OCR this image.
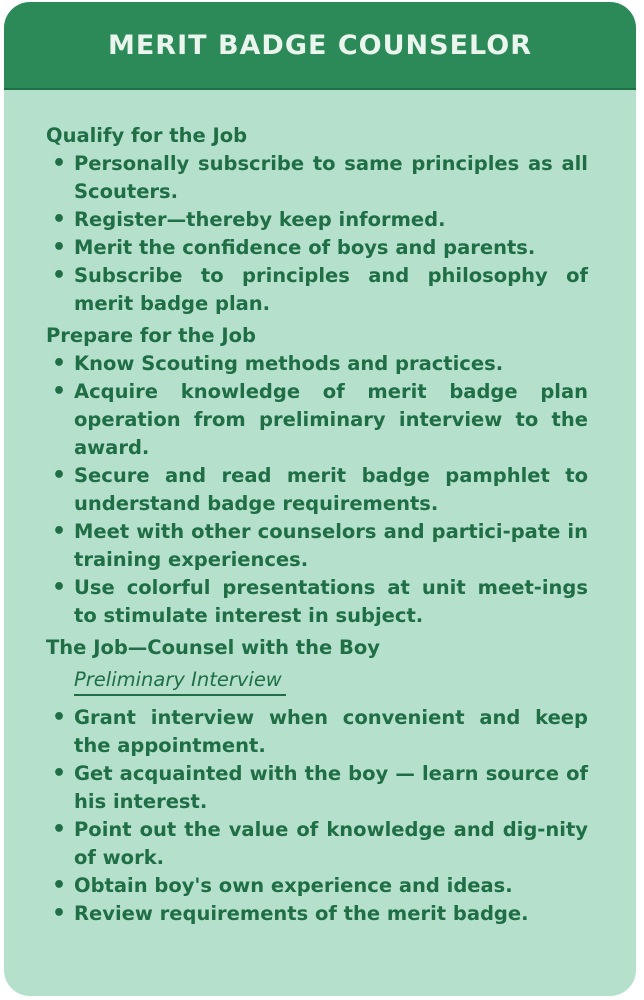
MERIT BADGE COUNSELOR
Qualify for the Job
• Personally subscribe to same principles as all Scouters.
• Register—thereby keep informed.
• Merit the confidence of boys and parents.
• Subscribe to principles and philosophy of merit badge plan.
Prepare for the Job
• Know Scouting methods and practices.
• Acquire knowledge of merit badge plan operation from preliminary interview to the award.
• Secure and read merit badge pamphlet to understand badge requirements.
• Meet with other counselors and partici-pate in training experiences.
• Use colorful presentations at unit meet-ings to stimulate interest in subject.
The Job—Counsel with the Boy
Preliminary Interview
• Grant interview when convenient and keep the appointment.
• Get acquainted with the boy — learn source of his interest.
• Point out the value of knowledge and dig-nity of work.
• Obtain boy's own experience and ideas.
• Review requirements of the merit badge.
